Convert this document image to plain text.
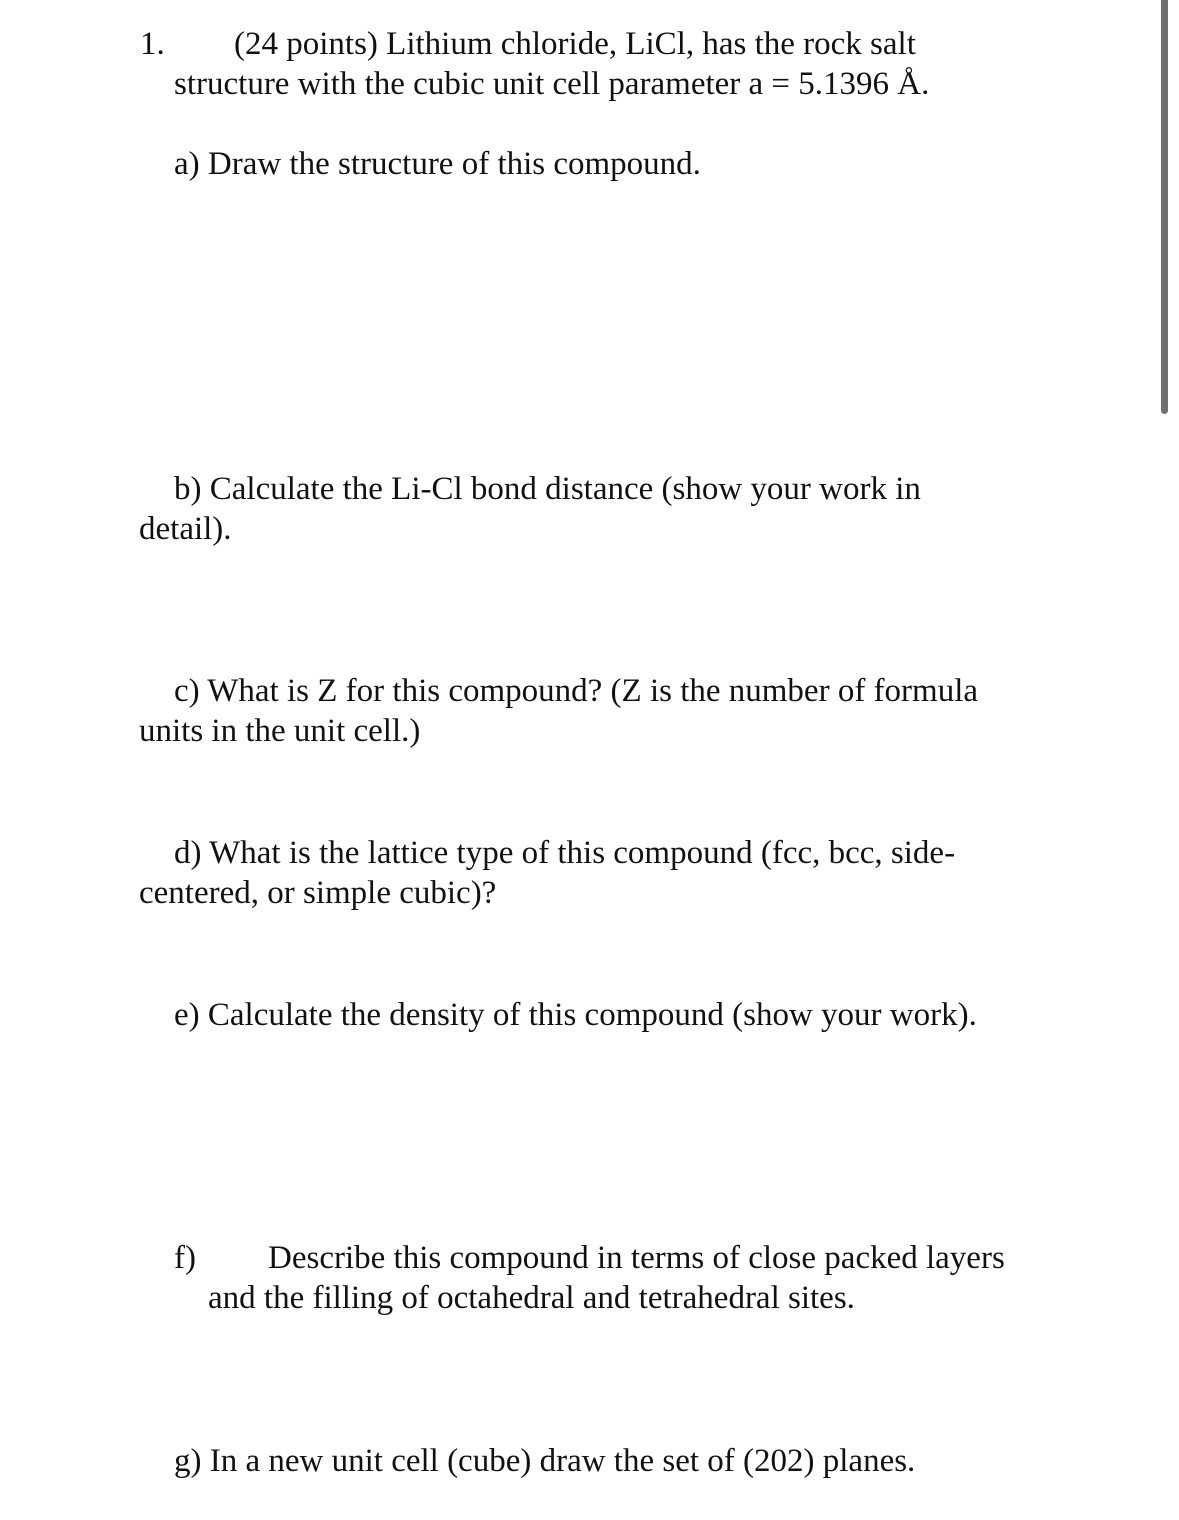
1. (24 points) Lithium chloride, LiCl, has the rock salt

structure with the cubic unit cell parameter a = 5.1396 Å.

a) Draw the structure of this compound.

b) Calculate the Li-Cl bond distance (show your work in

detail).

c) What is Z for this compound? (Z is the number of formula

units in the unit cell.)

d) What is the lattice type of this compound (fcc, bcc, side-

centered, or simple cubic)?

e) Calculate the density of this compound (show your work).

f) Describe this compound in terms of close packed layers

and the filling of octahedral and tetrahedral sites.

g) In a new unit cell (cube) draw the set of (202) planes.
